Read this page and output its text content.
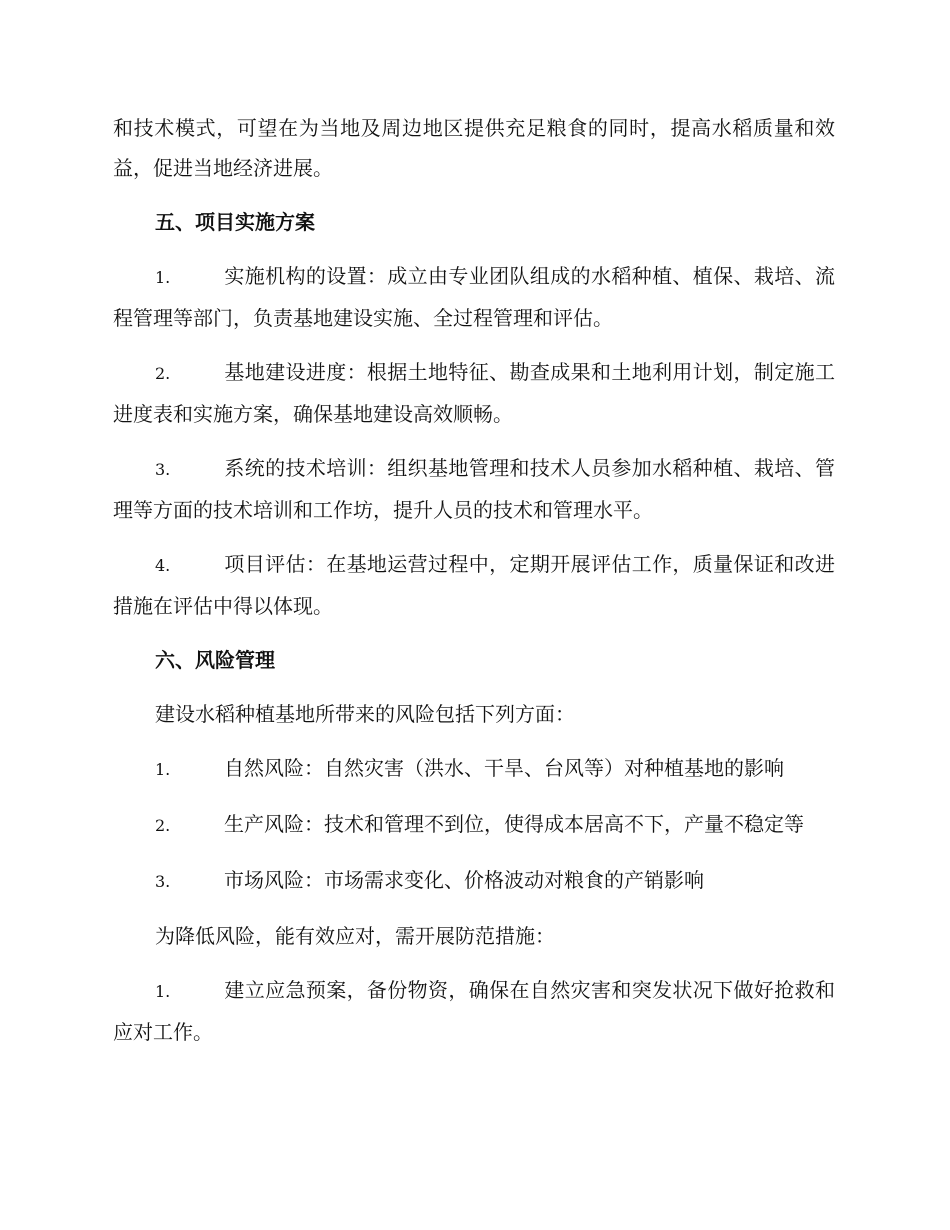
和技术模式，可望在为当地及周边地区提供充足粮食的同时，提高水稻质量和效益，促进当地经济进展。

五、项目实施方案

1.	实施机构的设置：成立由专业团队组成的水稻种植、植保、栽培、流程管理等部门，负责基地建设实施、全过程管理和评估。

2.	基地建设进度：根据土地特征、勘查成果和土地利用计划，制定施工进度表和实施方案，确保基地建设高效顺畅。

3.	系统的技术培训：组织基地管理和技术人员参加水稻种植、栽培、管理等方面的技术培训和工作坊，提升人员的技术和管理水平。

4.	项目评估：在基地运营过程中，定期开展评估工作，质量保证和改进措施在评估中得以体现。

六、风险管理

建设水稻种植基地所带来的风险包括下列方面：

1.	自然风险：自然灾害（洪水、干旱、台风等）对种植基地的影响

2.	生产风险：技术和管理不到位，使得成本居高不下，产量不稳定等

3.	市场风险：市场需求变化、价格波动对粮食的产销影响

为降低风险，能有效应对，需开展防范措施：

1.	建立应急预案，备份物资，确保在自然灾害和突发状况下做好抢救和应对工作。
